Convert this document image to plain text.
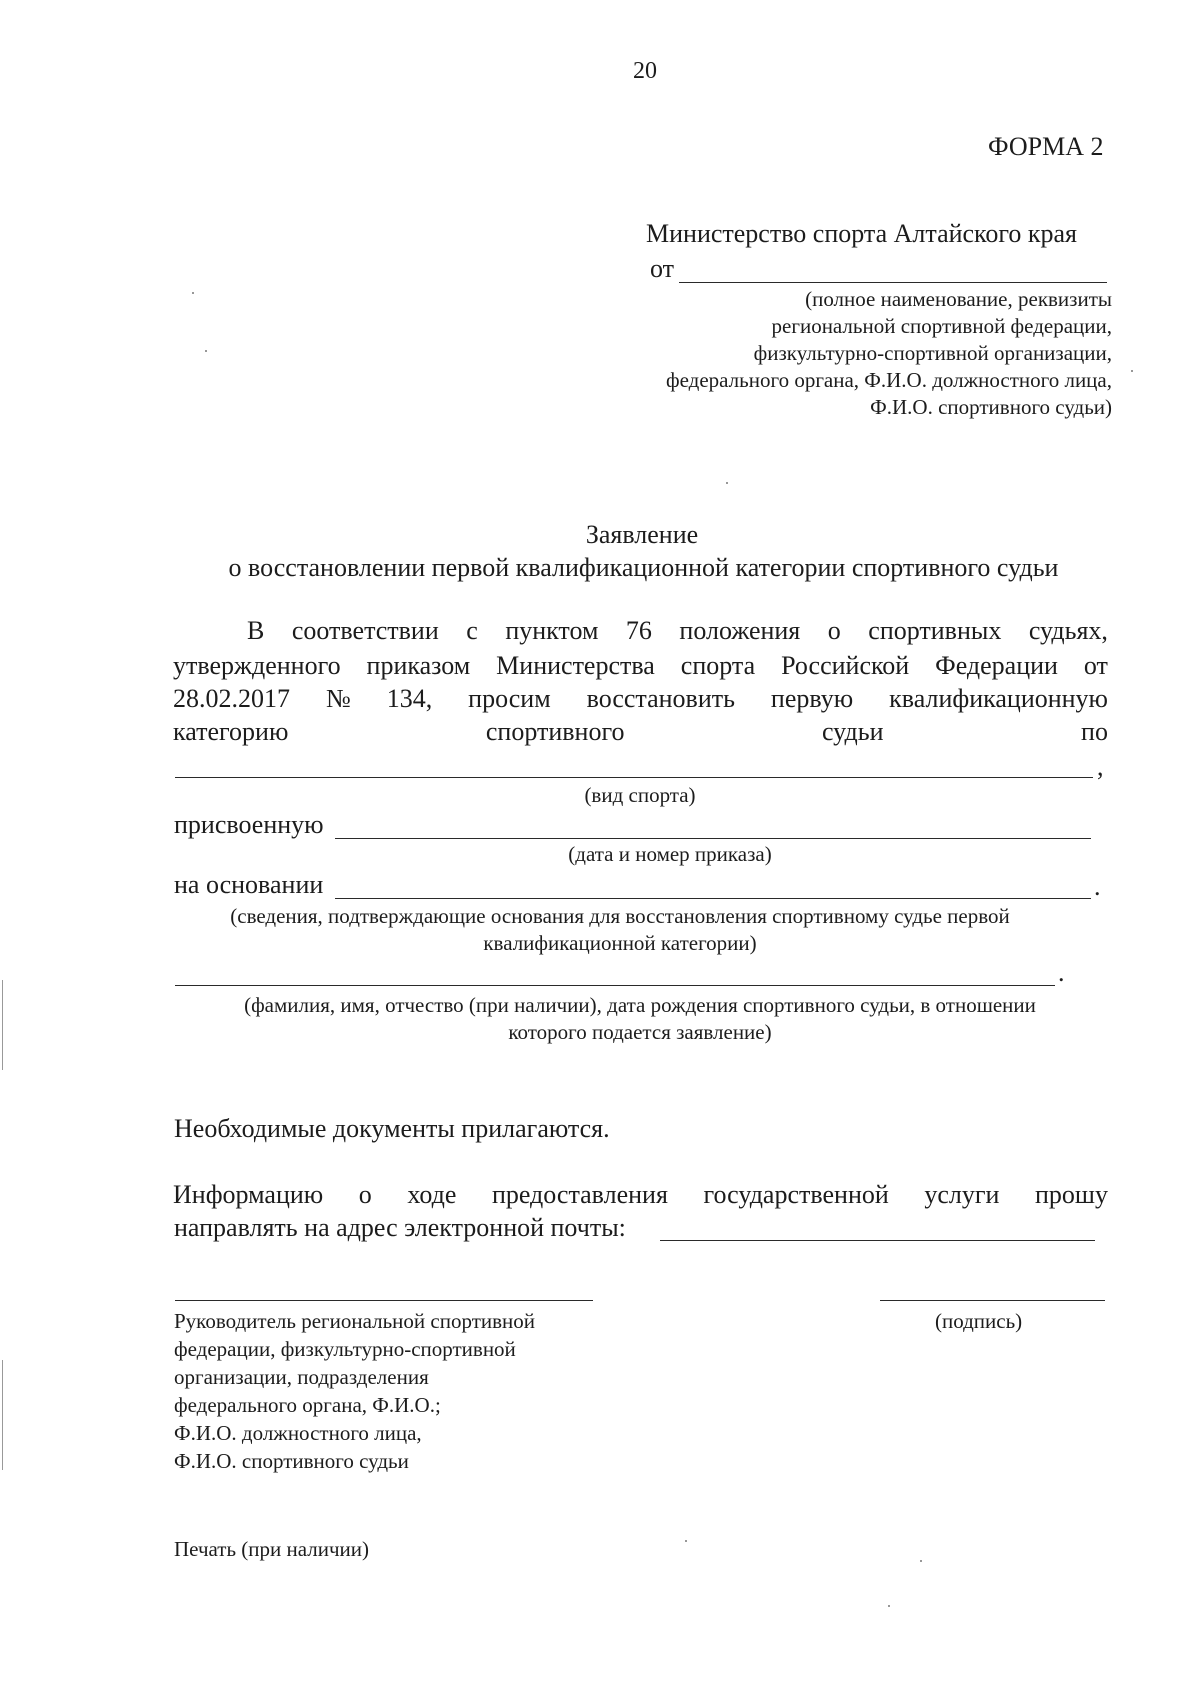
20
ФОРМА 2
Министерство спорта Алтайского края
от
(полное наименование, реквизиты
региональной спортивной федерации,
физкультурно-спортивной организации,
федерального органа, Ф.И.О. должностного лица,
Ф.И.О. спортивного судьи)
Заявление
о восстановлении первой квалификационной категории спортивного судьи
В соответствии с пунктом 76 положения о спортивных судьях,
утвержденного приказом Министерства спорта Российской Федерации от
28.02.2017 № 134, просим восстановить первую квалификационную
категорию	спортивного	судьи	по
,
(вид спорта)
присвоенную
(дата и номер приказа)
на основании	.
(сведения, подтверждающие основания для восстановления спортивному судье первой
квалификационной категории)
.
(фамилия, имя, отчество (при наличии), дата рождения спортивного судьи, в отношении
которого подается заявление)
Необходимые документы прилагаются.
Информацию о ходе предоставления государственной услуги прошу
направлять на адрес электронной почты:
(подпись)
Руководитель региональной спортивной
федерации, физкультурно-спортивной
организации, подразделения
федерального органа, Ф.И.О.;
Ф.И.О. должностного лица,
Ф.И.О. спортивного судьи
Печать (при наличии)
